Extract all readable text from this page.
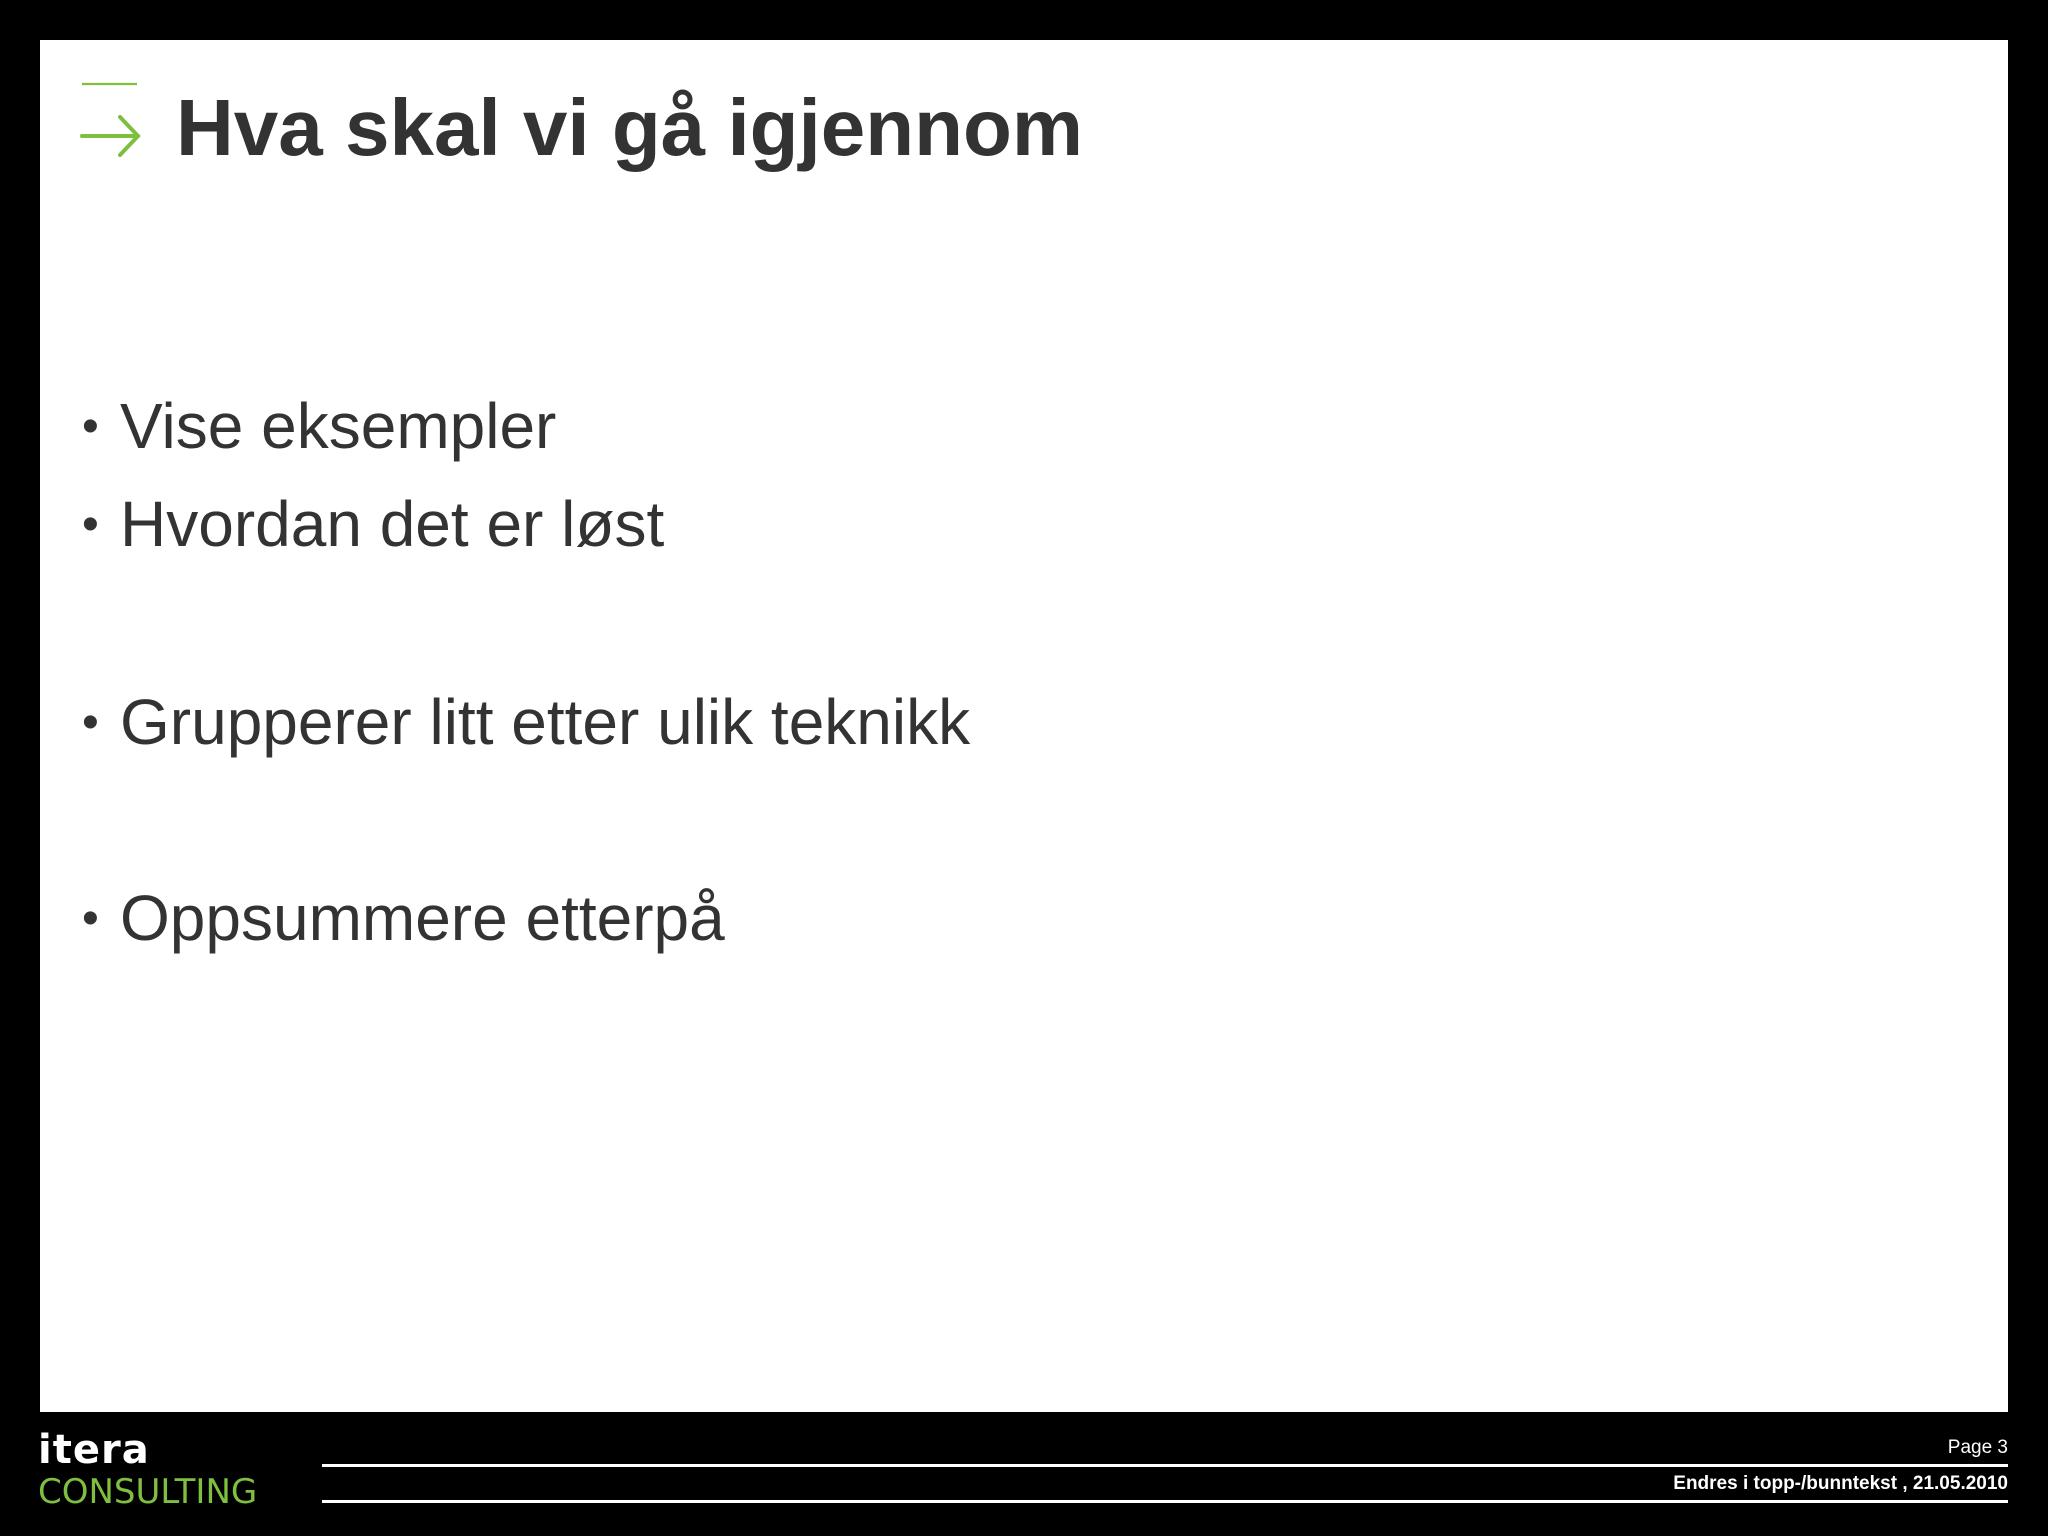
Hva skal vi gå igjennom

• Vise eksempler

• Hvordan det er løst

• Grupperer litt etter ulik teknikk

• Oppsummere etterpå

itera
CONSULTING
Page 3
Endres i topp-/bunntekst , 21.05.2010
